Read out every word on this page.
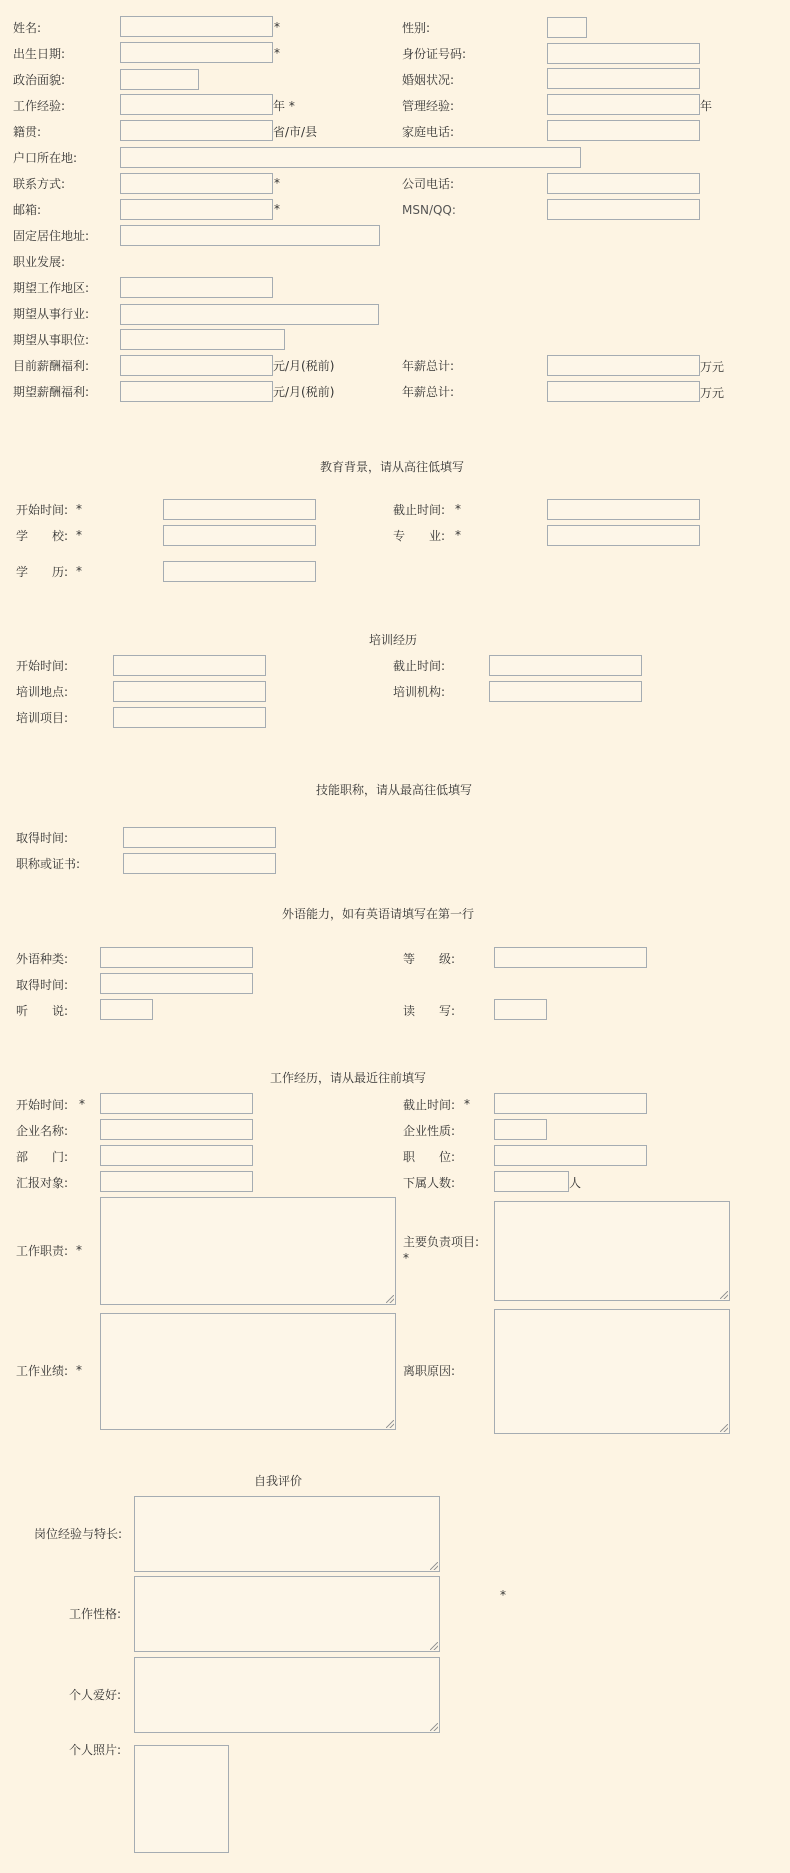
姓名:	*	性别:
出生日期:	*	身份证号码:
政治面貌:	婚姻状况:
工作经验:	年 *	管理经验:	年
籍贯:	省/市/县	家庭电话:
户口所在地:
联系方式:	*	公司电话:
邮箱:	*	MSN/QQ:
固定居住地址:
职业发展:
期望工作地区:
期望从事行业:
期望从事职位:
目前薪酬福利:	元/月(税前)	年薪总计:	万元
期望薪酬福利:	元/月(税前)	年薪总计:	万元
教育背景，请从高往低填写
开始时间: *	截止时间: *
学　　校: *	专　　业: *
学　　历: *
培训经历
开始时间:	截止时间:
培训地点:	培训机构:
培训项目:
技能职称，请从最高往低填写
取得时间:
职称或证书:
外语能力，如有英语请填写在第一行
外语种类:	等　　级:
取得时间:
听　　说:	读　　写:
工作经历，请从最近往前填写
开始时间: *	截止时间: *
企业名称:	企业性质:
部　　门:	职　　位:
汇报对象:	下属人数:	人
工作职责: *
主要负责项目:
*
工作业绩: *	离职原因:
自我评价
岗位经验与特长:
工作性格:
*
个人爱好:
个人照片:
